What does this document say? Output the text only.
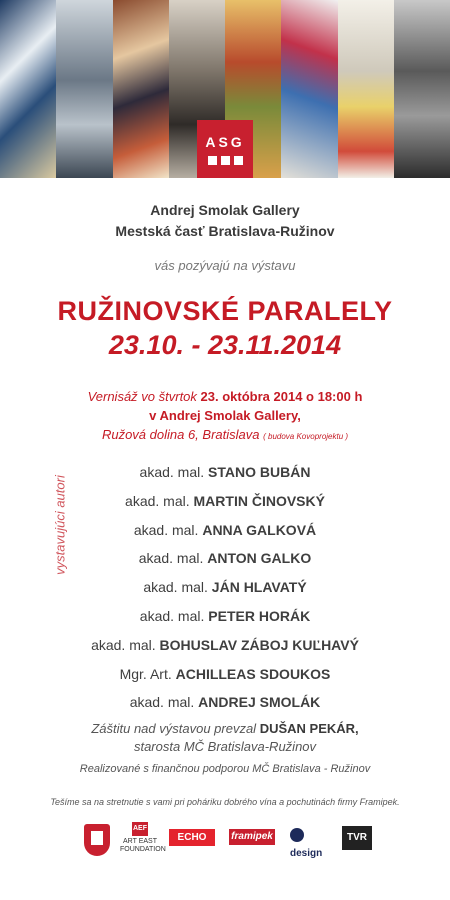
ASG
Andrej Smolak Gallery
Mestská časť Bratislava-Ružinov
vás pozývajú na výstavu
RUŽINOVSKÉ PARALELY
23.10. - 23.11.2014
Vernisáž vo štvrtok 23. októbra 2014 o 18:00 h
v Andrej Smolak Gallery,
Ružová dolina 6, Bratislava ( budova Kovoprojektu )
vystavujúci autori
akad. mal. STANO BUBÁN
akad. mal. MARTIN ČINOVSKÝ
akad. mal. ANNA GALKOVÁ
akad. mal. ANTON GALKO
akad. mal. JÁN HLAVATÝ
akad. mal. PETER HORÁK
akad. mal. BOHUSLAV ZÁBOJ KUĽHAVÝ
Mgr. Art. ACHILLEAS SDOUKOS
akad. mal. ANDREJ SMOLÁK
Záštitu nad výstavou prevzal DUŠAN PEKÁR,
starosta MČ Bratislava-Ružinov
Realizované s finančnou podporou MČ Bratislava - Ružinov
Tešíme sa na stretnutie s vami pri poháriku dobrého vína a pochutinách firmy Framipek.
AEF
ART EAST
FOUNDATION
ECHO	framipek
design
TVR
